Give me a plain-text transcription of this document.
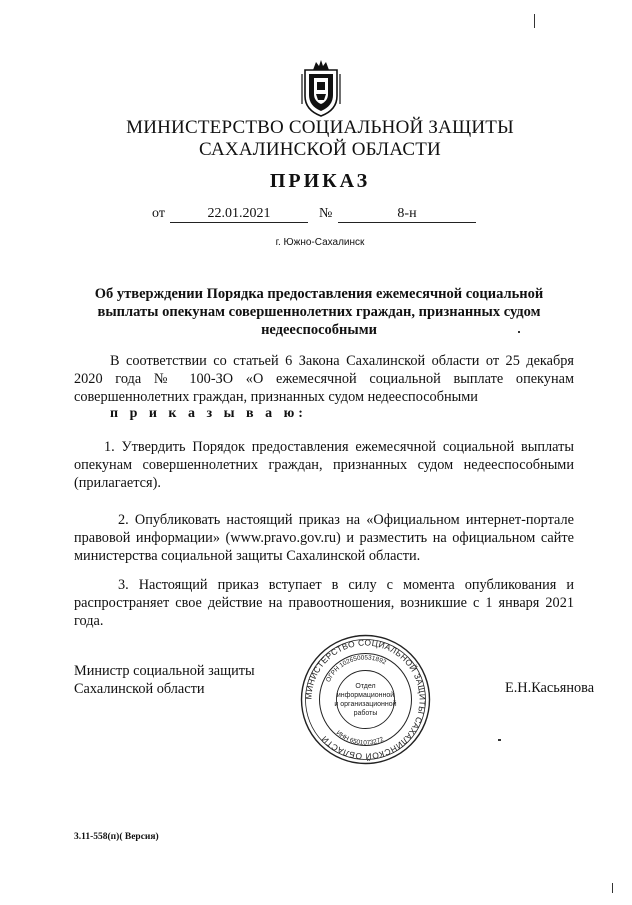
МИНИСТЕРСТВО СОЦИАЛЬНОЙ ЗАЩИТЫ
САХАЛИНСКОЙ ОБЛАСТИ
ПРИКАЗ
от	22.01.2021	№	8-н
г. Южно-Сахалинск
Об утверждении Порядка предоставления ежемесячной социальной выплаты опекунам совершеннолетних граждан, признанных судом недееспособными
В соответствии со статьей 6 Закона Сахалинской области от 25 декабря 2020 года № 100-ЗО «О ежемесячной социальной выплате опекунам совершеннолетних граждан, признанных судом недееспособными
п р и к а з ы в а ю:
1. Утвердить Порядок предоставления ежемесячной социальной выплаты опекунам совершеннолетних граждан, признанных судом недееспособными (прилагается).
2. Опубликовать настоящий приказ на «Официальном интернет-портале правовой информации» (www.pravo.gov.ru) и разместить на официальном сайте министерства социальной защиты Сахалинской области.
3. Настоящий приказ вступает в силу с момента опубликования и распространяет свое действие на правоотношения, возникшие с 1 января 2021 года.
Министр социальной защиты
Сахалинской области	Е.Н.Касьянова
МИНИСТЕРСТВО СОЦИАЛЬНОЙ ЗАЩИТЫ САХАЛИНСКОЙ ОБЛАСТИ
ОГРН 1026500531892
ИНН 6501073272
Отдел
информационной
и организационной
работы
3.11-558(п)( Версия)
